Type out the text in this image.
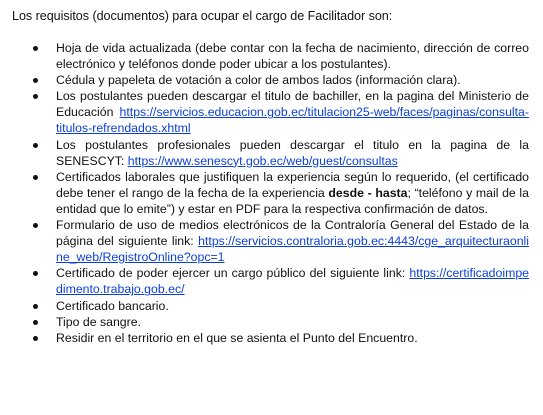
Los requisitos (documentos) para ocupar el cargo de Facilitador son:

Hoja de vida actualizada (debe contar con la fecha de nacimiento, dirección de correo electrónico y teléfonos donde poder ubicar a los postulantes).
Cédula y papeleta de votación a color de ambos lados (información clara).
Los postulantes pueden descargar el titulo de bachiller, en la pagina del Ministerio de Educación https://servicios.educacion.gob.ec/titulacion25-web/faces/paginas/consulta-titulos-refrendados.xhtml
Los postulantes profesionales pueden descargar el titulo en la pagina de la SENESCYT: https://www.senescyt.gob.ec/web/guest/consultas
Certificados laborales que justifiquen la experiencia según lo requerido, (el certificado debe tener el rango de la fecha de la experiencia desde - hasta; “teléfono y mail de la entidad que lo emite”) y estar en PDF para la respectiva confirmación de datos.
Formulario de uso de medios electrónicos de la Contraloría General del Estado de la página del siguiente link: https://servicios.contraloria.gob.ec:4443/cge_arquitecturaonline_web/RegistroOnline?opc=1
Certificado de poder ejercer un cargo público del siguiente link: https://certificadoimpedimento.trabajo.gob.ec/
Certificado bancario.
Tipo de sangre.
Residir en el territorio en el que se asienta el Punto del Encuentro.
